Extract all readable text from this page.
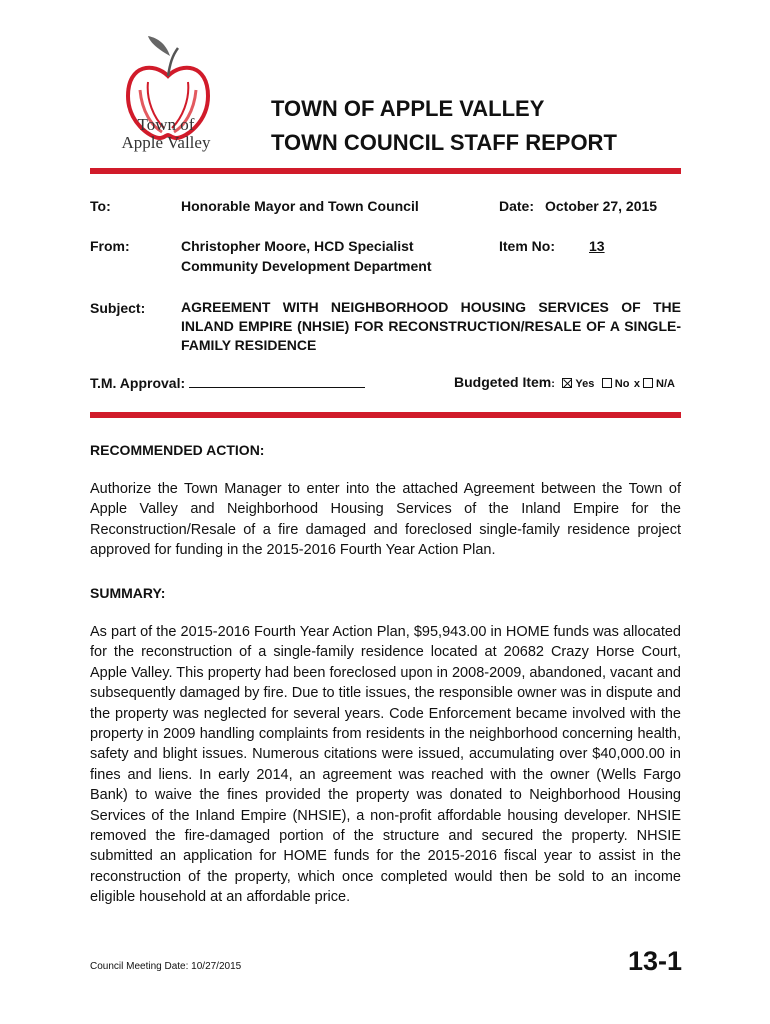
Town of
Apple Valley
TOWN OF APPLE VALLEY
TOWN COUNCIL STAFF REPORT
To:	Honorable Mayor and Town Council	Date: October 27, 2015
From:	Christopher Moore, HCD Specialist
Community Development Department
Item No: 13
Subject:	AGREEMENT WITH NEIGHBORHOOD HOUSING SERVICES OF THE INLAND EMPIRE (NHSIE) FOR RECONSTRUCTION/RESALE OF A SINGLE-FAMILY RESIDENCE
T.M. Approval:	Budgeted Item: Yes No x N/A
RECOMMENDED ACTION:
Authorize the Town Manager to enter into the attached Agreement between the Town of Apple Valley and Neighborhood Housing Services of the Inland Empire for the Reconstruction/Resale of a fire damaged and foreclosed single-family residence project approved for funding in the 2015-2016 Fourth Year Action Plan.
SUMMARY:
As part of the 2015-2016 Fourth Year Action Plan, $95,943.00 in HOME funds was allocated for the reconstruction of a single-family residence located at 20682 Crazy Horse Court, Apple Valley. This property had been foreclosed upon in 2008-2009, abandoned, vacant and subsequently damaged by fire. Due to title issues, the responsible owner was in dispute and the property was neglected for several years. Code Enforcement became involved with the property in 2009 handling complaints from residents in the neighborhood concerning health, safety and blight issues. Numerous citations were issued, accumulating over $40,000.00 in fines and liens. In early 2014, an agreement was reached with the owner (Wells Fargo Bank) to waive the fines provided the property was donated to Neighborhood Housing Services of the Inland Empire (NHSIE), a non-profit affordable housing developer. NHSIE removed the fire-damaged portion of the structure and secured the property. NHSIE submitted an application for HOME funds for the 2015-2016 fiscal year to assist in the reconstruction of the property, which once completed would then be sold to an income eligible household at an affordable price.
Council Meeting Date: 10/27/2015	13-1
